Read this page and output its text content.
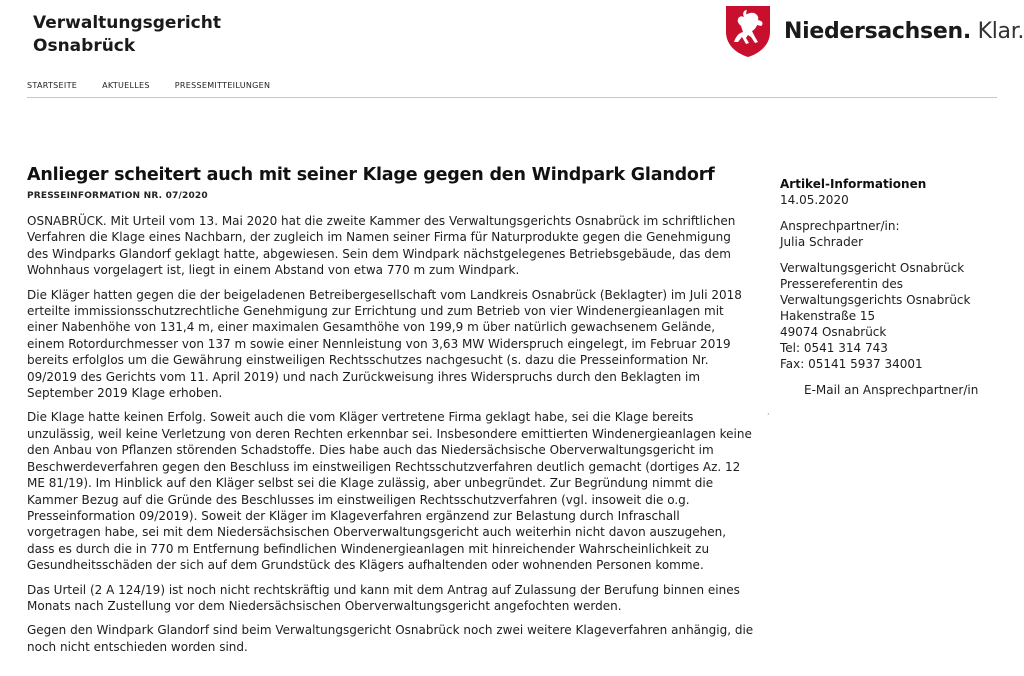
Verwaltungsgericht
Osnabrück
Niedersachsen. Klar.
STARTSEITE	AKTUELLES	PRESSEMITTEILUNGEN
Anlieger scheitert auch mit seiner Klage gegen den Windpark Glandorf
PRESSEINFORMATION NR. 07/2020

OSNABRÜCK. Mit Urteil vom 13. Mai 2020 hat die zweite Kammer des Verwaltungsgerichts Osnabrück im schriftlichen Verfahren die Klage eines Nachbarn, der zugleich im Namen seiner Firma für Naturprodukte gegen die Genehmigung des Windparks Glandorf geklagt hatte, abgewiesen. Sein dem Windpark nächstgelegenes Betriebsgebäude, das dem Wohnhaus vorgelagert ist, liegt in einem Abstand von etwa 770 m zum Windpark.

Die Kläger hatten gegen die der beigeladenen Betreibergesellschaft vom Landkreis Osnabrück (Beklagter) im Juli 2018 erteilte immissionsschutzrechtliche Genehmigung zur Errichtung und zum Betrieb von vier Windenergieanlagen mit einer Nabenhöhe von 131,4 m, einer maximalen Gesamthöhe von 199,9 m über natürlich gewachsenem Gelände, einem Rotordurchmesser von 137 m sowie einer Nennleistung von 3,63 MW Widerspruch eingelegt, im Februar 2019 bereits erfolglos um die Gewährung einstweiligen Rechtsschutzes nachgesucht (s. dazu die Presseinformation Nr. 09/2019 des Gerichts vom 11. April 2019) und nach Zurückweisung ihres Widerspruchs durch den Beklagten im September 2019 Klage erhoben.

Die Klage hatte keinen Erfolg. Soweit auch die vom Kläger vertretene Firma geklagt habe, sei die Klage bereits unzulässig, weil keine Verletzung von deren Rechten erkennbar sei. Insbesondere emittierten Windenergieanlagen keine den Anbau von Pflanzen störenden Schadstoffe. Dies habe auch das Niedersächsische Oberverwaltungsgericht im Beschwerdeverfahren gegen den Beschluss im einstweiligen Rechtsschutzverfahren deutlich gemacht (dortiges Az. 12 ME 81/19). Im Hinblick auf den Kläger selbst sei die Klage zulässig, aber unbegründet. Zur Begründung nimmt die Kammer Bezug auf die Gründe des Beschlusses im einstweiligen Rechtsschutzverfahren (vgl. insoweit die o.g. Presseinformation 09/2019). Soweit der Kläger im Klageverfahren ergänzend zur Belastung durch Infraschall vorgetragen habe, sei mit dem Niedersächsischen Oberverwaltungsgericht auch weiterhin nicht davon auszugehen, dass es durch die in 770 m Entfernung befindlichen Windenergieanlagen mit hinreichender Wahrscheinlichkeit zu Gesundheitsschäden der sich auf dem Grundstück des Klägers aufhaltenden oder wohnenden Personen komme.

Das Urteil (2 A 124/19) ist noch nicht rechtskräftig und kann mit dem Antrag auf Zulassung der Berufung binnen eines Monats nach Zustellung vor dem Niedersächsischen Oberverwaltungsgericht angefochten werden.

Gegen den Windpark Glandorf sind beim Verwaltungsgericht Osnabrück noch zwei weitere Klageverfahren anhängig, die noch nicht entschieden worden sind.

·
Artikel-Informationen
14.05.2020
Ansprechpartner/in:
Julia Schrader
Verwaltungsgericht Osnabrück
Pressereferentin des
Verwaltungsgerichts Osnabrück
Hakenstraße 15
49074 Osnabrück
Tel: 0541 314 743
Fax: 05141 5937 34001
E-Mail an Ansprechpartner/in
